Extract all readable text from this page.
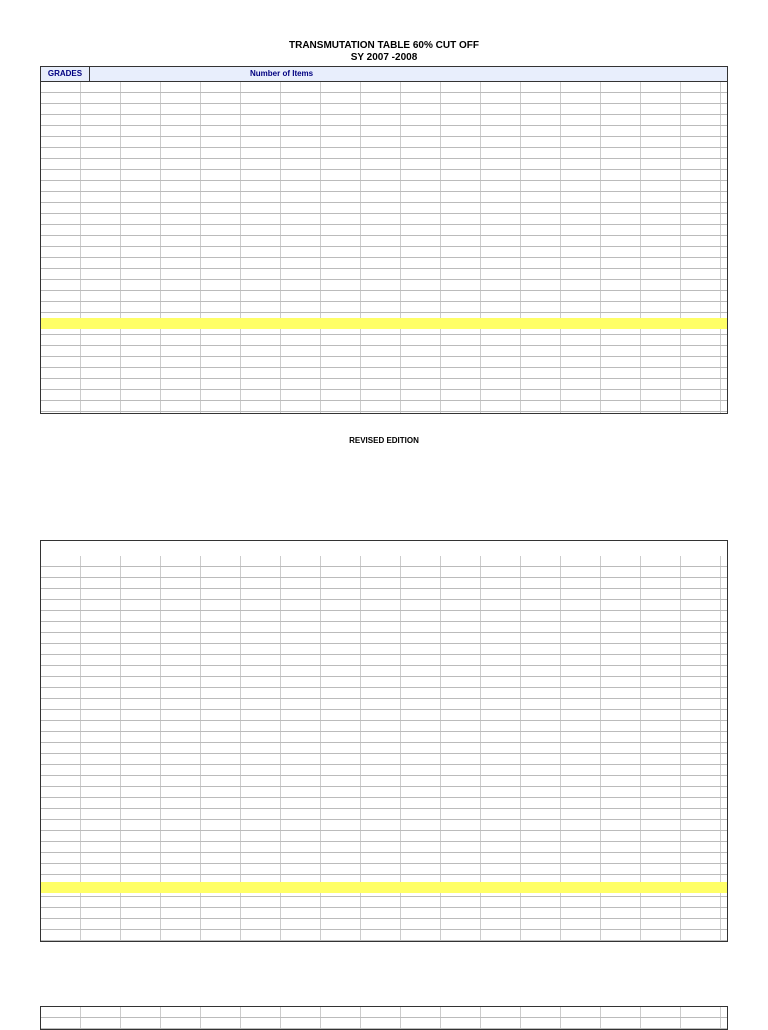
TRANSMUTATION TABLE 60% CUT OFF
SY 2007 -2008
GRADES	Number of Items
REVISED EDITION
